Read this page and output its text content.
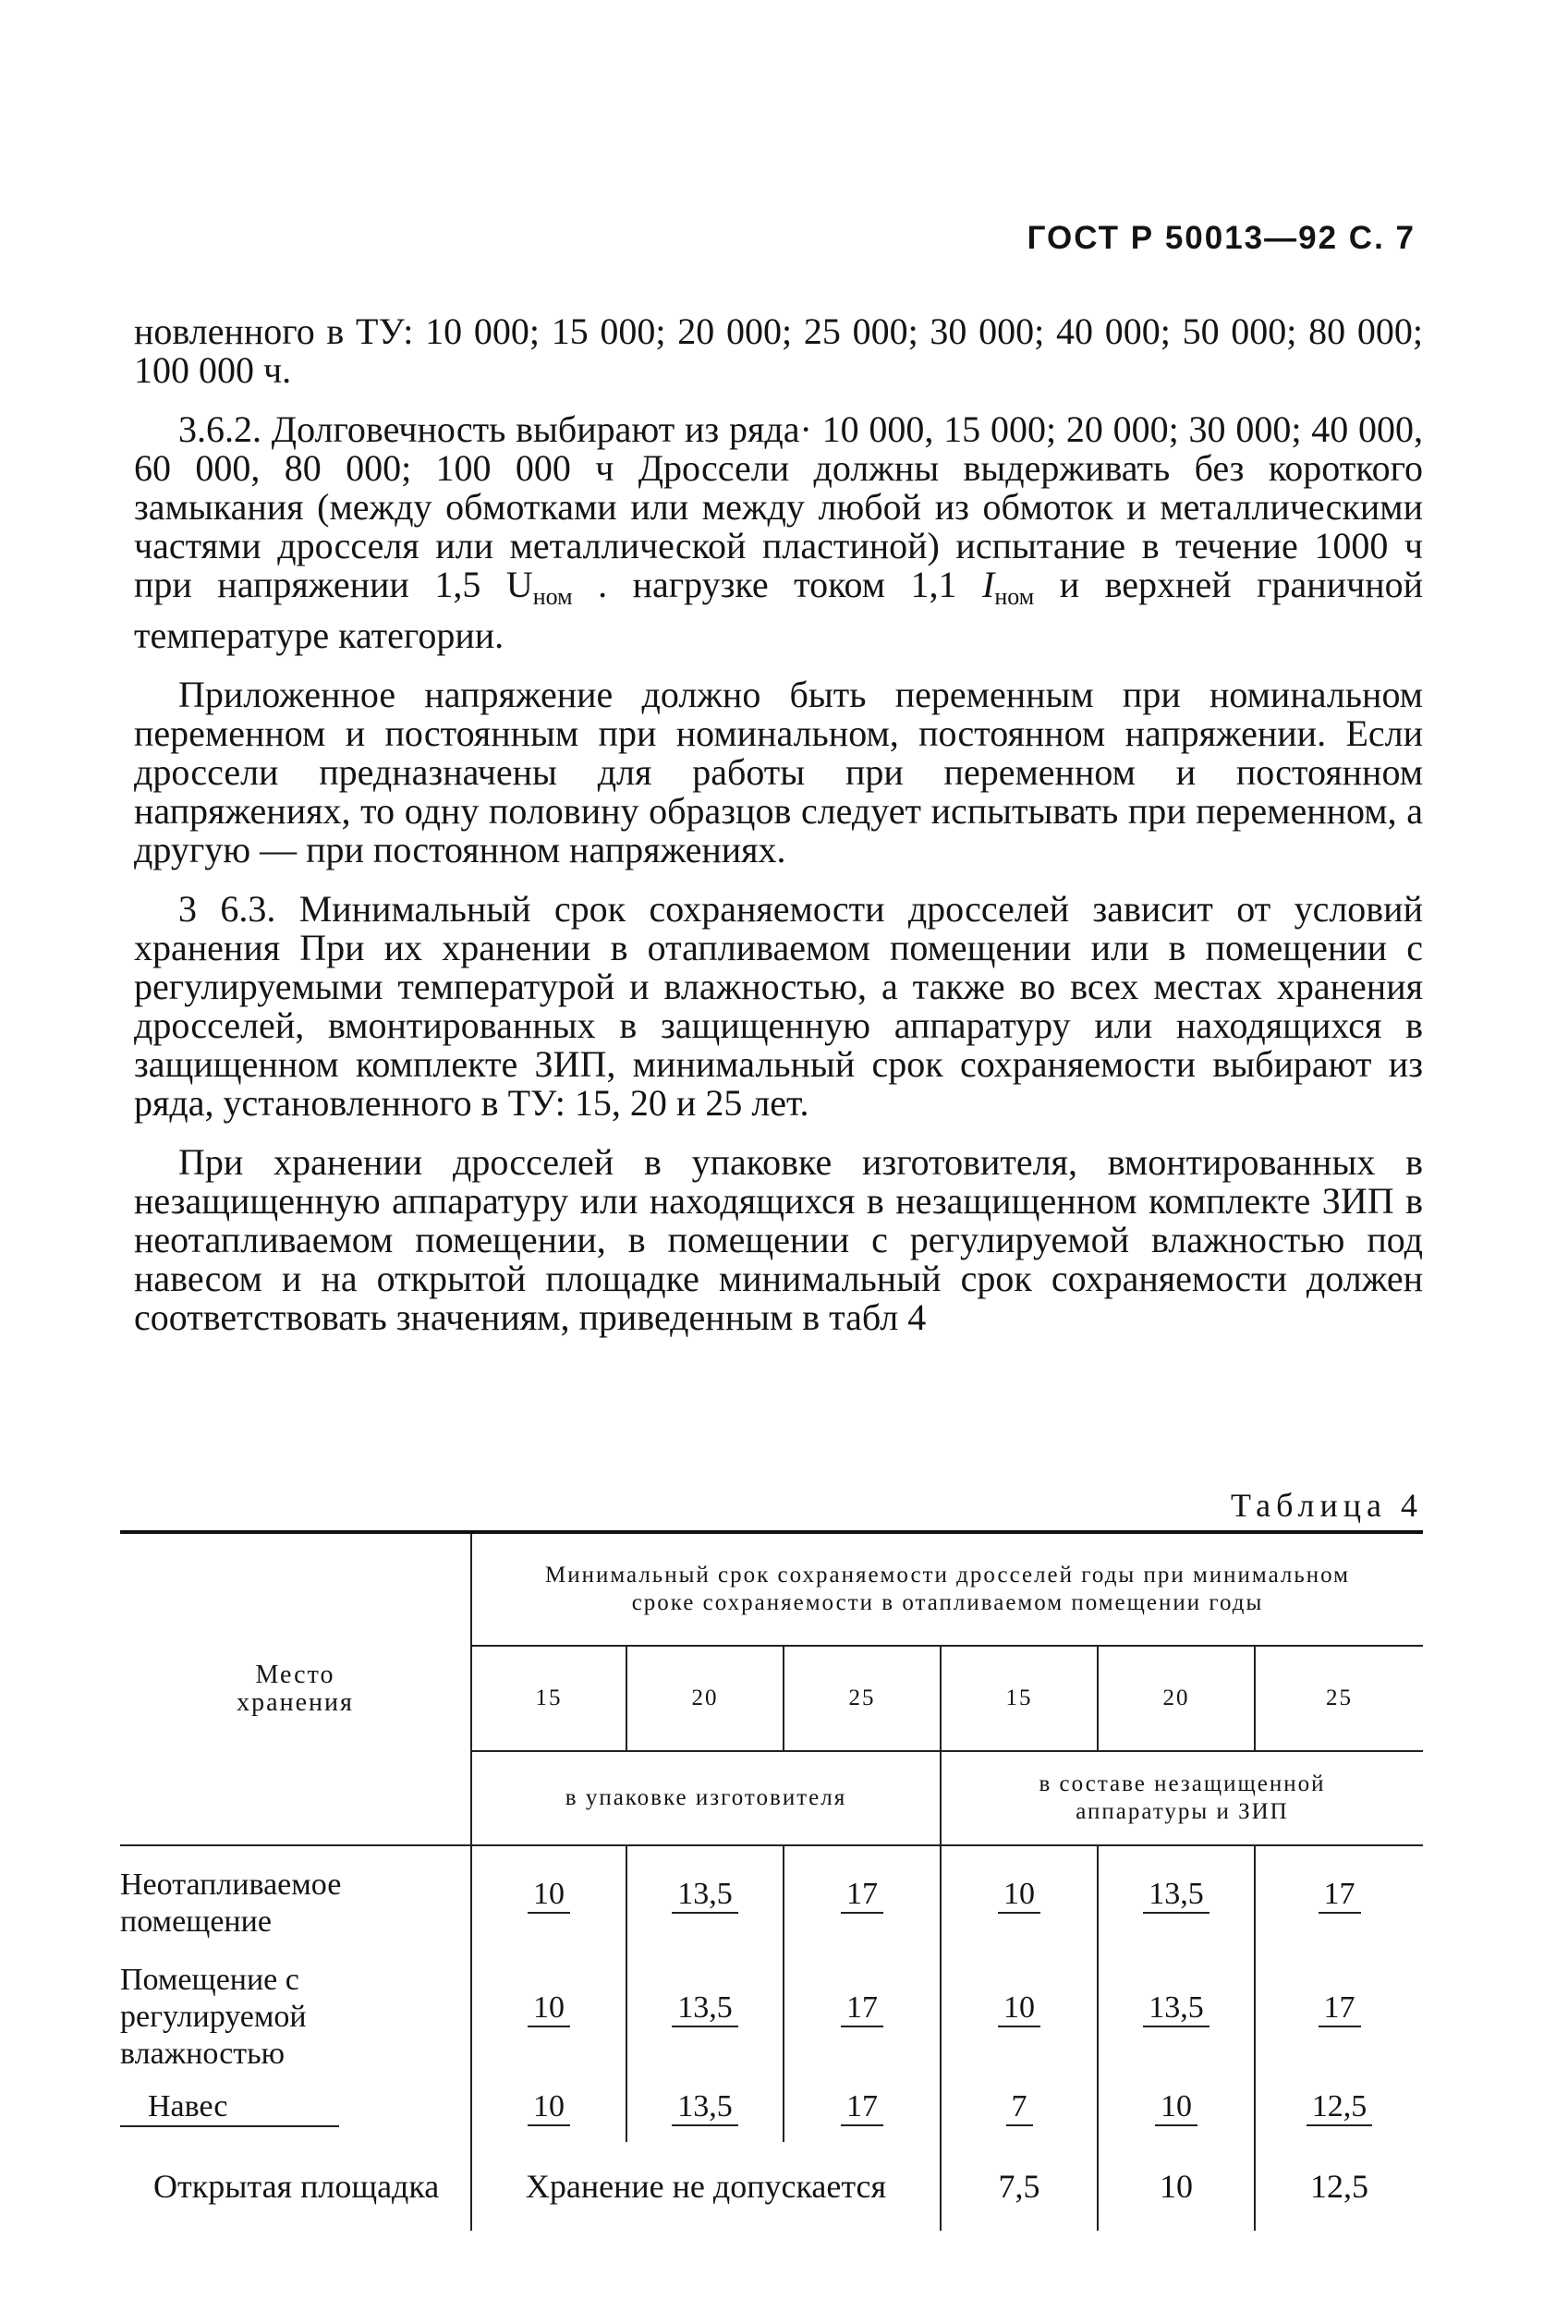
ГОСТ Р 50013—92 С. 7

новленного в ТУ: 10 000; 15 000; 20 000; 25 000; 30 000; 40 000; 50 000; 80 000; 100 000 ч.

3.6.2. Долговечность выбирают из ряда· 10 000, 15 000; 20 000; 30 000; 40 000, 60 000, 80 000; 100 000 ч Дроссели должны выдерживать без короткого замыкания (между обмотками или между любой из обмоток и металлическими частями дросселя или металлической пластиной) испытание в течение 1000 ч при напряжении 1,5 $U_{ном}$ . нагрузке током 1,1 $I_{ном}$ и верхней граничной температуре категории.

Приложенное напряжение должно быть переменным при номинальном переменном и постоянным при номинальном, постоянном напряжении. Если дроссели предназначены для работы при переменном и постоянном напряжениях, то одну половину образцов следует испытывать при переменном, а другую — при постоянном напряжениях.

3 6.3. Минимальный срок сохраняемости дросселей зависит от условий хранения При их хранении в отапливаемом помещении или в помещении с регулируемыми температурой и влажностью, а также во всех местах хранения дросселей, вмонтированных в защищенную аппаратуру или находящихся в защищенном комплекте ЗИП, минимальный срок сохраняемости выбирают из ряда, установленного в ТУ: 15, 20 и 25 лет.

При хранении дросселей в упаковке изготовителя, вмонтированных в незащищенную аппаратуру или находящихся в незащищенном комплекте ЗИП в неотапливаемом помещении, в помещении с регулируемой влажностью под навесом и на открытой площадке минимальный срок сохраняемости должен соответствовать значениям, приведенным в табл 4

Таблица 4
Место хранения	Минимальный срок сохраняемости дросселей годы при минимальном сроке сохраняемости в отапливаемом помещении годы					
	15	20	25	15	20	25
	в упаковке изготовителя			в составе незащищенной аппаратуры и ЗИП		
Неотапливаемое помещение	10	13,5	17	10	13,5	17
Помещение с регулируемой влажностью	10	13,5	17	10	13,5	17
Навес	10	13,5	17	7	10	12,5
Открытая площадка	Хранение не допускается			7,5	10	12,5
